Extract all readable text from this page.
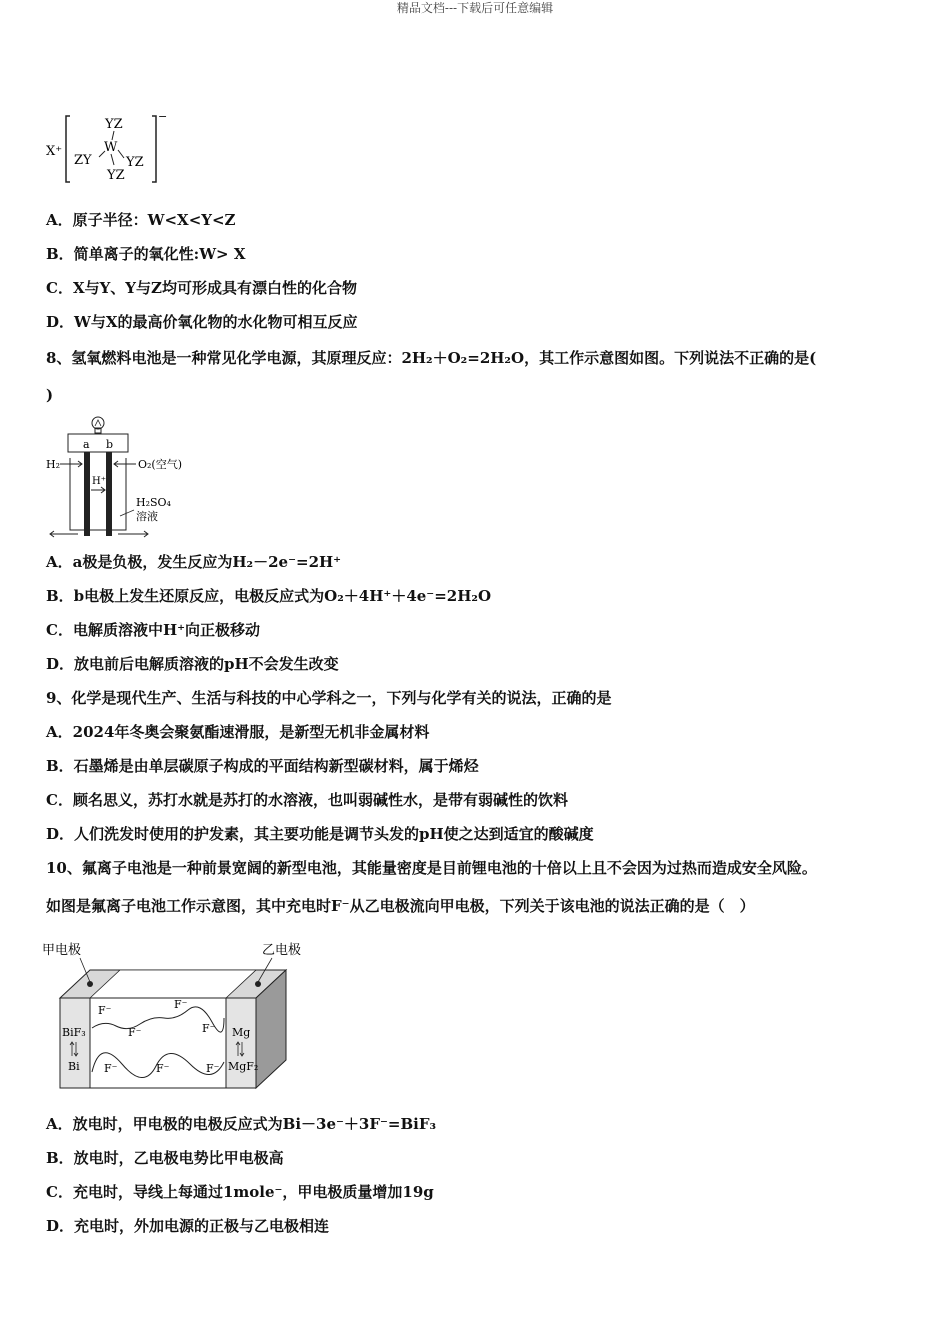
精品文档---下载后可任意编辑
X⁺
−
YZ
W
ZY	YZ
YZ
A．原子半径：W<X<Y<Z
B．简单离子的氧化性:W> X
C．X与Y、Y与Z均可形成具有漂白性的化合物
D．W与X的最高价氧化物的水化物可相互反应
8、氢氧燃料电池是一种常见化学电源，其原理反应：2H₂＋O₂=2H₂O，其工作示意图如图。下列说法不正确的是(
)
a b
H₂	O₂(空气)
H⁺
H₂SO₄
溶液
A．a极是负极，发生反应为H₂－2e⁻=2H⁺
B．b电极上发生还原反应，电极反应式为O₂＋4H⁺＋4e⁻=2H₂O
C．电解质溶液中H⁺向正极移动
D．放电前后电解质溶液的pH不会发生改变
9、化学是现代生产、生活与科技的中心学科之一，下列与化学有关的说法，正确的是
A．2024年冬奥会聚氨酯速滑服，是新型无机非金属材料
B．石墨烯是由单层碳原子构成的平面结构新型碳材料，属于烯烃
C．顾名思义，苏打水就是苏打的水溶液，也叫弱碱性水，是带有弱碱性的饮料
D．人们洗发时使用的护发素，其主要功能是调节头发的pH使之达到适宜的酸碱度
10、氟离子电池是一种前景宽阔的新型电池，其能量密度是目前锂电池的十倍以上且不会因为过热而造成安全风险。
如图是氟离子电池工作示意图，其中充电时F⁻从乙电极流向甲电极，下列关于该电池的说法正确的是（　）
甲电极	乙电极
BiF₃
Bi
Mg
MgF₂
F⁻
F⁻
F⁻
F⁻
F⁻	F⁻	F⁻
A．放电时，甲电极的电极反应式为Bi－3e⁻＋3F⁻=BiF₃
B．放电时，乙电极电势比甲电极高
C．充电时，导线上每通过1mole⁻，甲电极质量增加19g
D．充电时，外加电源的正极与乙电极相连
